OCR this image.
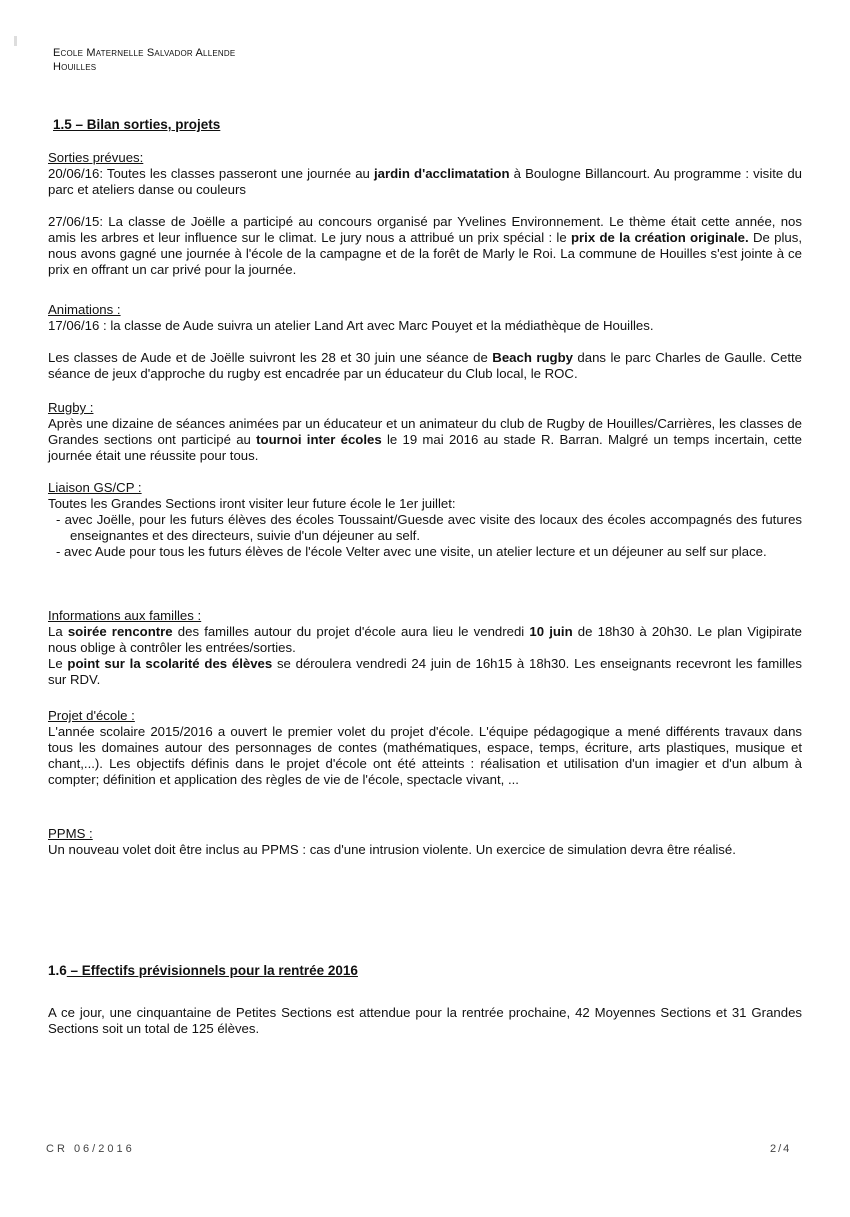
Ecole Maternelle Salvador Allende
Houilles
1.5 – Bilan sorties, projets
Sorties prévues:
20/06/16: Toutes les classes passeront une journée au jardin d'acclimatation à Boulogne Billancourt. Au programme : visite du parc et ateliers danse ou couleurs
27/06/15: La classe de Joëlle a participé au concours organisé par Yvelines Environnement. Le thème était cette année, nos amis les arbres et leur influence sur le climat. Le jury nous a attribué un prix spécial : le prix de la création originale. De plus, nous avons gagné une journée à l'école de la campagne et de la forêt de Marly le Roi. La commune de Houilles s'est jointe à ce prix en offrant un car privé pour la journée.
Animations :
17/06/16 : la classe de Aude suivra un atelier Land Art avec Marc Pouyet et la médiathèque de Houilles.
Les classes de Aude et de Joëlle suivront les 28 et 30 juin une séance de Beach rugby dans le parc Charles de Gaulle. Cette séance de jeux d'approche du rugby est encadrée par un éducateur du Club local, le ROC.
Rugby :
Après une dizaine de séances animées par un éducateur et un animateur du club de Rugby de Houilles/Carrières, les classes de Grandes sections ont participé au tournoi inter écoles le 19 mai 2016 au stade R. Barran. Malgré un temps incertain, cette journée était une réussite pour tous.
Liaison GS/CP :
Toutes les Grandes Sections iront visiter leur future école le 1er juillet:

- avec Joëlle, pour les futurs élèves des écoles Toussaint/Guesde avec visite des locaux des écoles accompagnés des futures enseignantes et des directeurs, suivie d'un déjeuner au self.

- avec Aude pour tous les futurs élèves de l'école Velter avec une visite, un atelier lecture et un déjeuner au self sur place.

Informations aux familles :
La soirée rencontre des familles autour du projet d'école aura lieu le vendredi 10 juin de 18h30 à 20h30. Le plan Vigipirate nous oblige à contrôler les entrées/sorties.
Le point sur la scolarité des élèves se déroulera vendredi 24 juin de 16h15 à 18h30. Les enseignants recevront les familles sur RDV.
Projet d'école :
L'année scolaire 2015/2016 a ouvert le premier volet du projet d'école. L'équipe pédagogique a mené différents travaux dans tous les domaines autour des personnages de contes (mathématiques, espace, temps, écriture, arts plastiques, musique et chant,...). Les objectifs définis dans le projet d'école ont été atteints : réalisation et utilisation d'un imagier et d'un album à compter; définition et application des règles de vie de l'école, spectacle vivant, ...
PPMS :
Un nouveau volet doit être inclus au PPMS : cas d'une intrusion violente. Un exercice de simulation devra être réalisé.
1.6 – Effectifs prévisionnels pour la rentrée 2016
A ce jour, une cinquantaine de Petites Sections est attendue pour la rentrée prochaine, 42 Moyennes Sections et 31 Grandes Sections soit un total de 125 élèves.
CR 06/2016	2/4
